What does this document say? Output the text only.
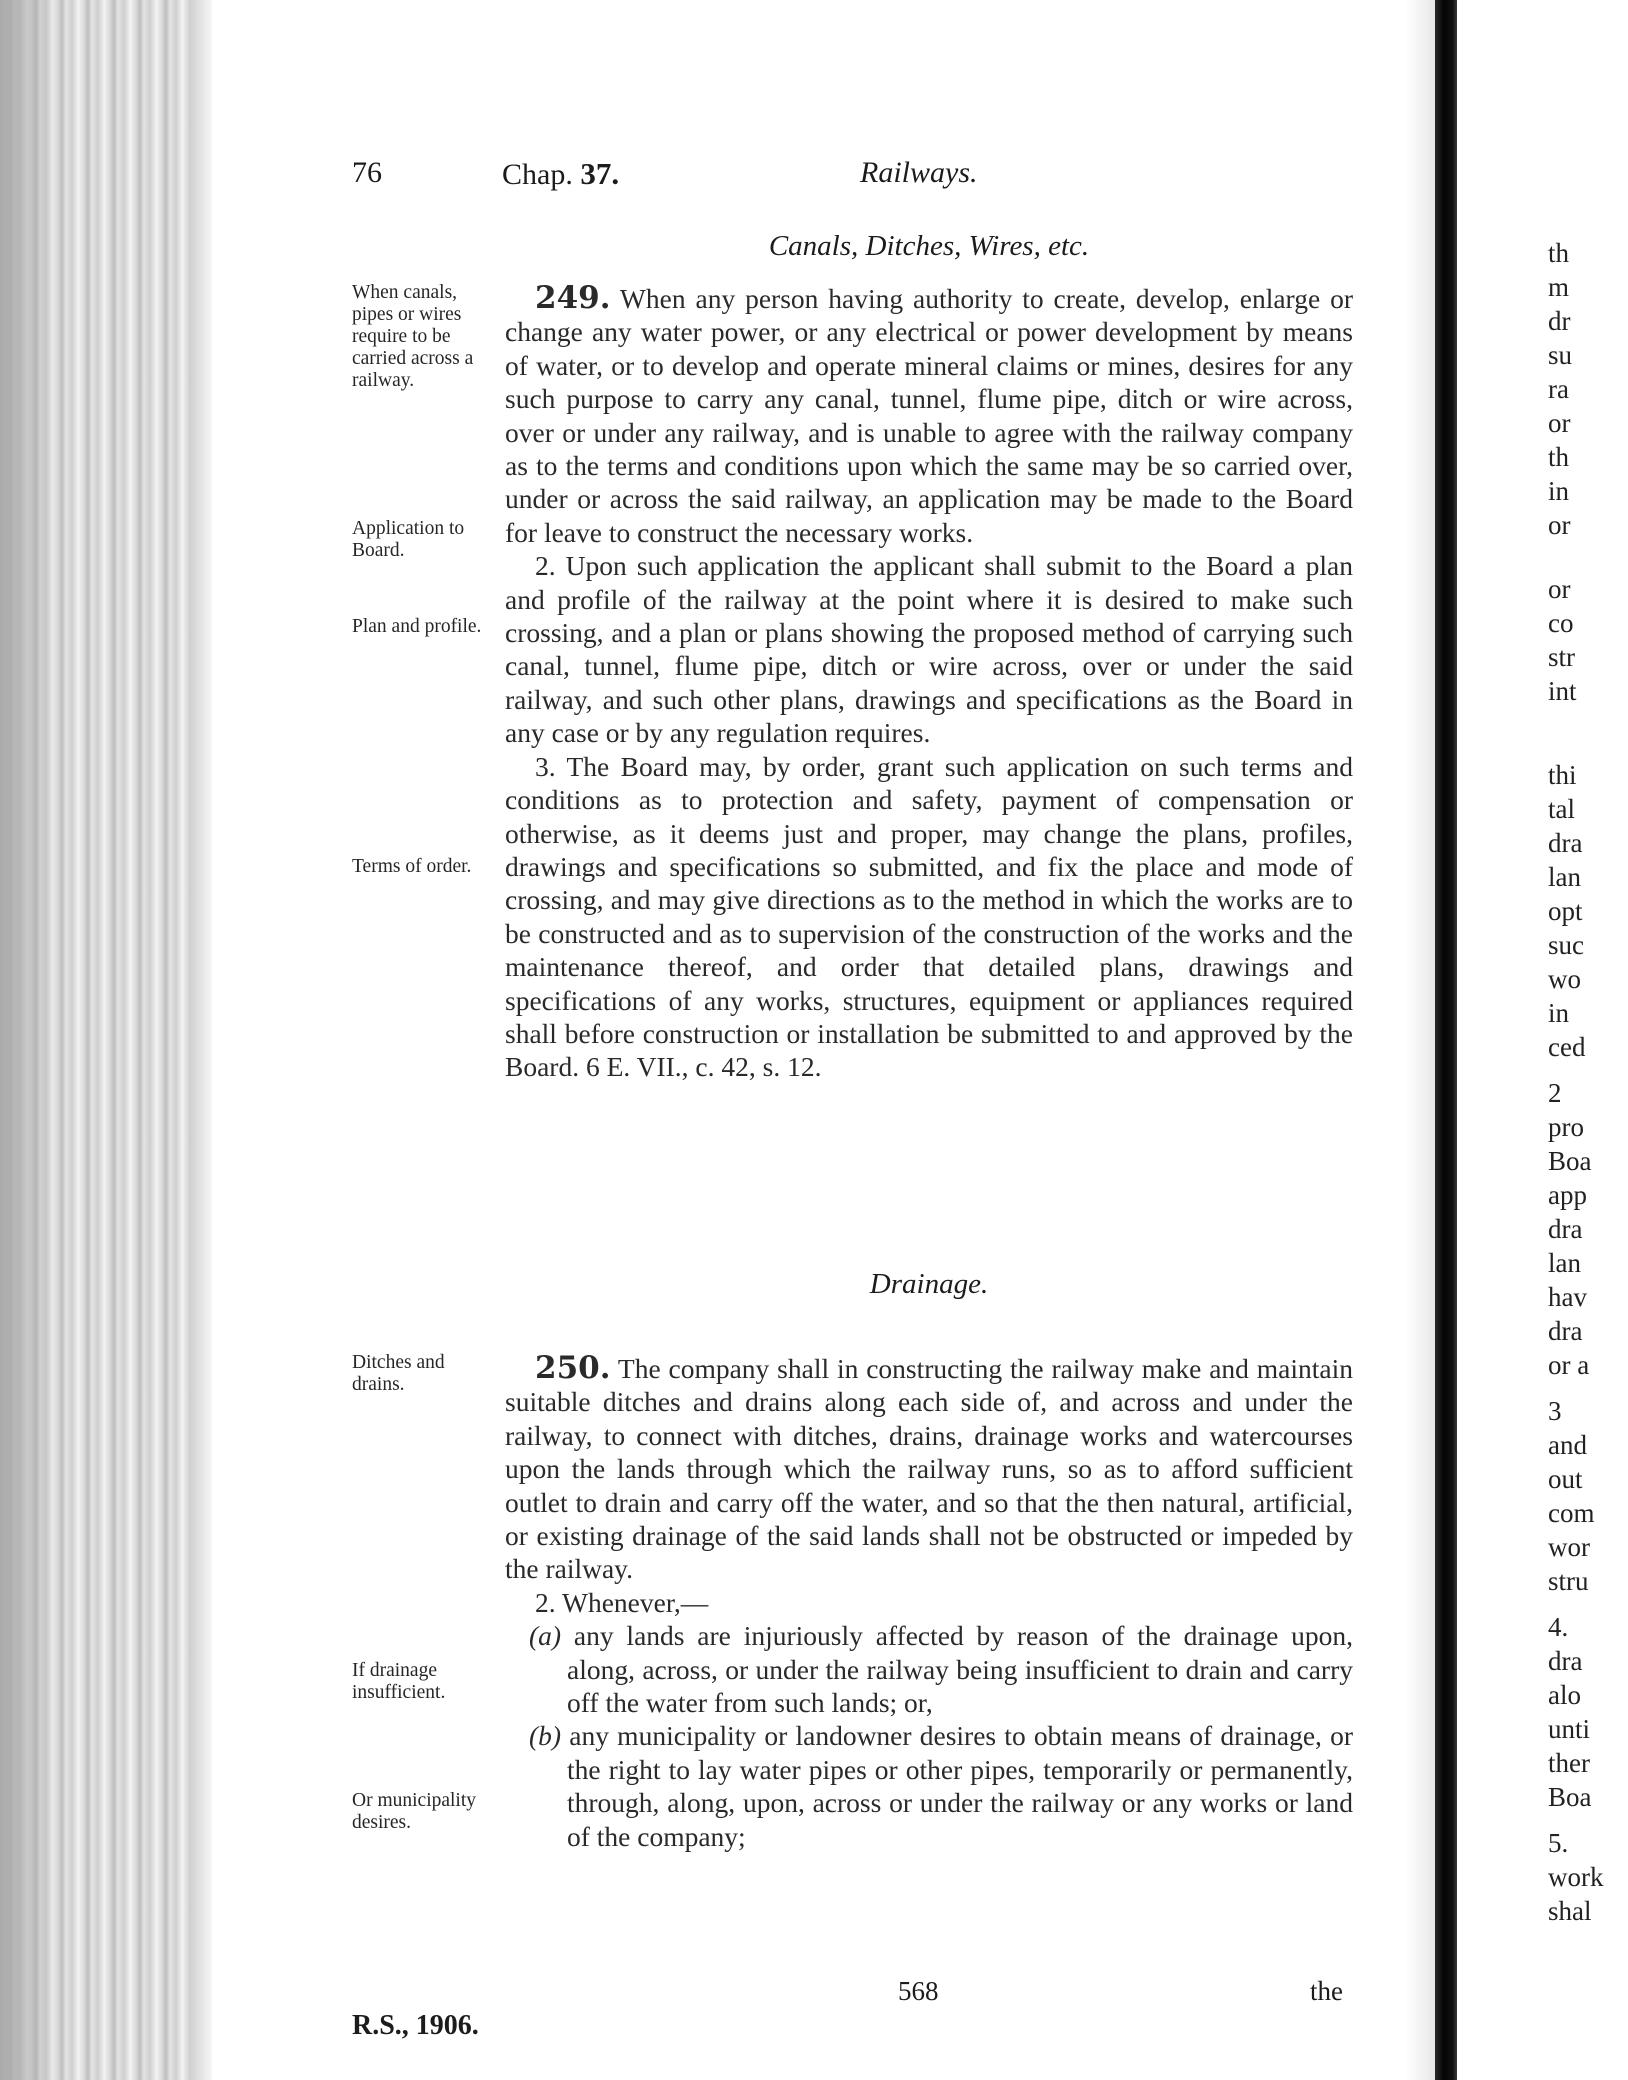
76	Chap. 37.	Railways.
Canals, Ditches, Wires, etc.

249. When any person having authority to create, develop, enlarge or change any water power, or any electrical or power development by means of water, or to develop and operate mineral claims or mines, desires for any such purpose to carry any canal, tunnel, flume pipe, ditch or wire across, over or under any railway, and is unable to agree with the railway company as to the terms and conditions upon which the same may be so carried over, under or across the said railway, an application may be made to the Board for leave to construct the necessary works.

2. Upon such application the applicant shall submit to the Board a plan and profile of the railway at the point where it is desired to make such crossing, and a plan or plans showing the proposed method of carrying such canal, tunnel, flume pipe, ditch or wire across, over or under the said railway, and such other plans, drawings and specifications as the Board in any case or by any regulation requires.

3. The Board may, by order, grant such application on such terms and conditions as to protection and safety, payment of compensation or otherwise, as it deems just and proper, may change the plans, profiles, drawings and specifications so submitted, and fix the place and mode of crossing, and may give directions as to the method in which the works are to be constructed and as to supervision of the construction of the works and the maintenance thereof, and order that detailed plans, drawings and specifications of any works, structures, equipment or appliances required shall before construction or installation be submitted to and approved by the Board. 6 E. VII., c. 42, s. 12.

When canals, pipes or wires require to be carried across a railway.
Application to Board.
Plan and profile.
Terms of order.
Drainage.

250. The company shall in constructing the railway make and maintain suitable ditches and drains along each side of, and across and under the railway, to connect with ditches, drains, drainage works and watercourses upon the lands through which the railway runs, so as to afford sufficient outlet to drain and carry off the water, and so that the then natural, artificial, or existing drainage of the said lands shall not be obstructed or impeded by the railway.

2. Whenever,—

(a) any lands are injuriously affected by reason of the drainage upon, along, across, or under the railway being insufficient to drain and carry off the water from such lands; or,

(b) any municipality or landowner desires to obtain means of drainage, or the right to lay water pipes or other pipes, temporarily or permanently, through, along, upon, across or under the railway or any works or land of the company;

Ditches and drains.
If drainage insufficient.
Or municipality desires.
568	the
R.S., 1906.
th
m
dr
su
ra
or
th
in
or
or
co
str
int
thi
tal
dra
lan
opt
suc
wo
in
ced
2
pro
Boa
app
dra
lan
hav
dra
or a
3
and
out
com
wor
stru
4.
dra
alo
unti
ther
Boa
5.
work
shal
